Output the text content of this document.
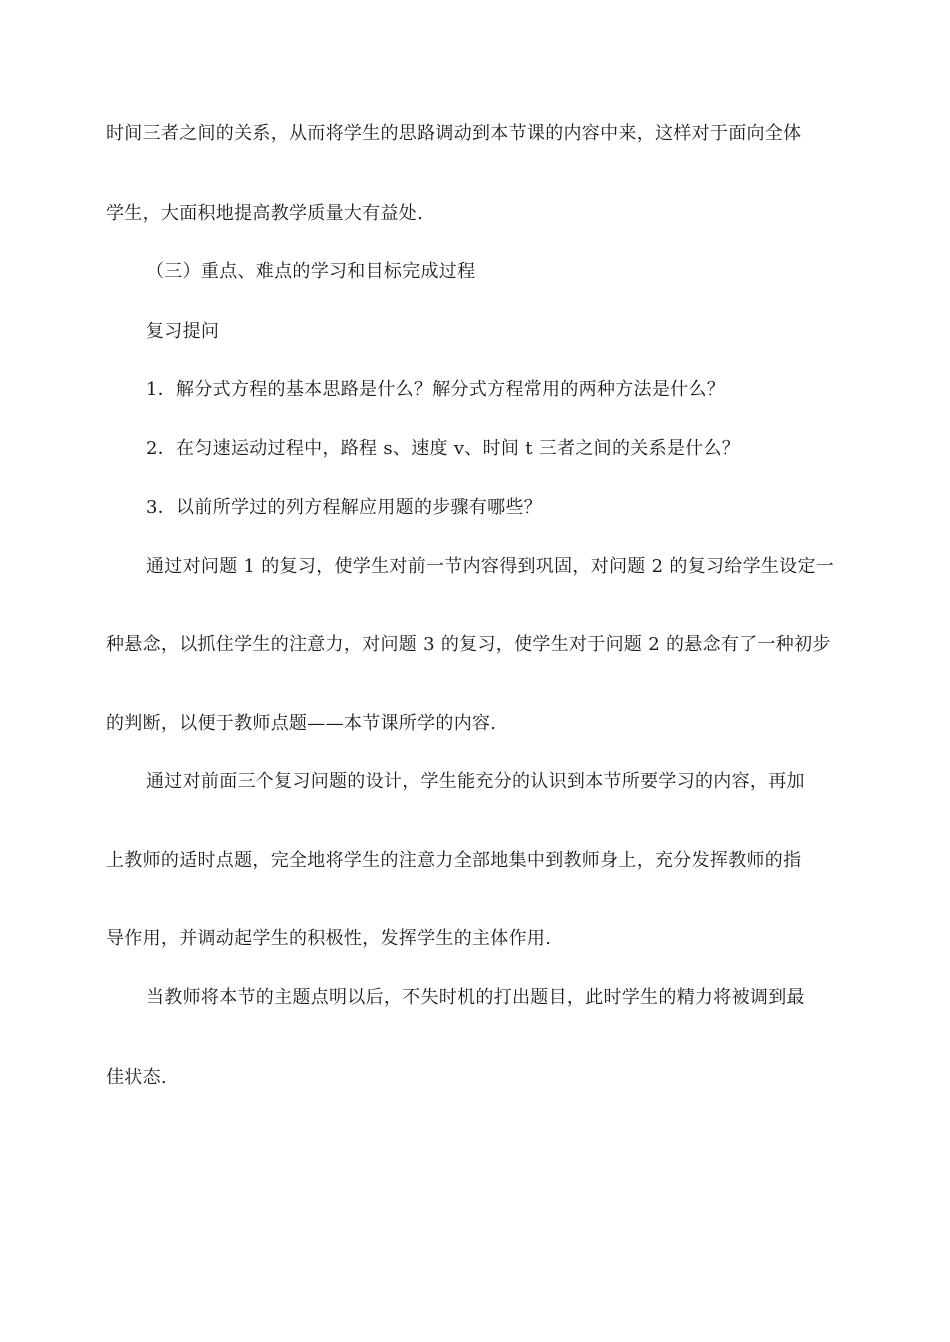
时间三者之间的关系，从而将学生的思路调动到本节课的内容中来，这样对于面向全体
学生，大面积地提高教学质量大有益处.
（三）重点、难点的学习和目标完成过程
复习提问
1．解分式方程的基本思路是什么？解分式方程常用的两种方法是什么？
2．在匀速运动过程中，路程 s、速度 v、时间 t 三者之间的关系是什么？
3．以前所学过的列方程解应用题的步骤有哪些？
通过对问题 1 的复习，使学生对前一节内容得到巩固，对问题 2 的复习给学生设定一
种悬念，以抓住学生的注意力，对问题 3 的复习，使学生对于问题 2 的悬念有了一种初步
的判断，以便于教师点题——本节课所学的内容.
通过对前面三个复习问题的设计，学生能充分的认识到本节所要学习的内容，再加
上教师的适时点题，完全地将学生的注意力全部地集中到教师身上，充分发挥教师的指
导作用，并调动起学生的积极性，发挥学生的主体作用.
当教师将本节的主题点明以后，不失时机的打出题目，此时学生的精力将被调到最
佳状态.
